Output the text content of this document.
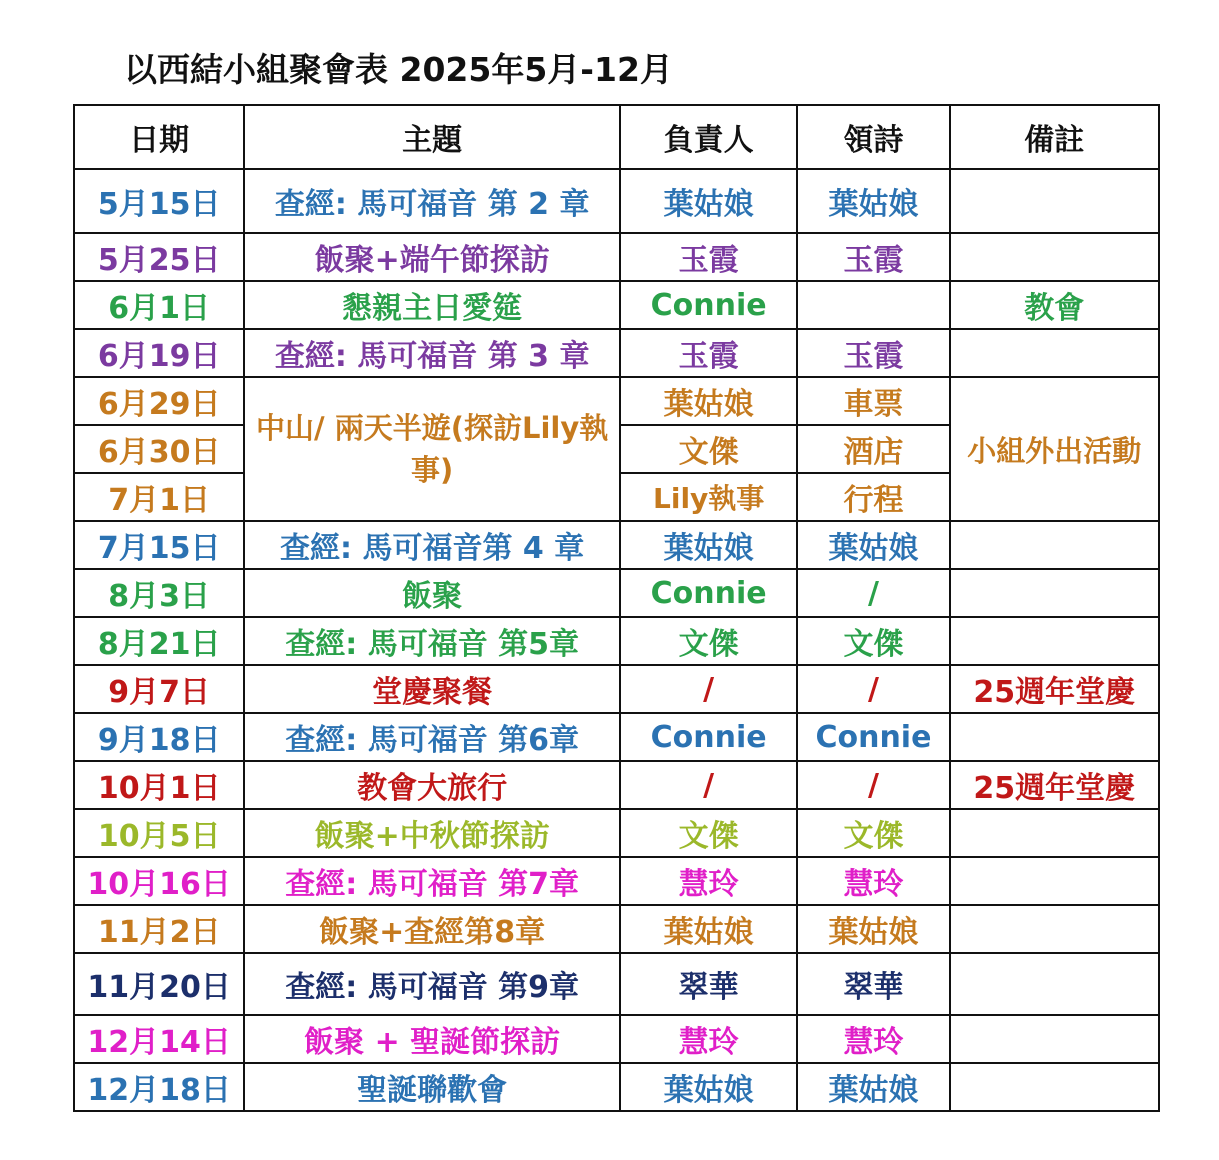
以西結小組聚會表 2025年5月-12月
日期	主題	負責人	領詩	備註
5月15日	查經: 馬可福音 第 2 章	葉姑娘	葉姑娘	
5月25日	飯聚+端午節探訪	玉霞	玉霞	
6月1日	懇親主日愛筵	Connie		教會
6月19日	查經: 馬可福音 第 3 章	玉霞	玉霞	
6月29日	中山/ 兩天半遊(探訪Lily執事)	葉姑娘	車票	小組外出活動
6月30日		文傑	酒店	
7月1日		Lily執事	行程	
7月15日	查經: 馬可福音第 4 章	葉姑娘	葉姑娘	
8月3日	飯聚	Connie	/	
8月21日	查經: 馬可福音 第5章	文傑	文傑	
9月7日	堂慶聚餐	/	/	25週年堂慶
9月18日	查經: 馬可福音 第6章	Connie	Connie	
10月1日	教會大旅行	/	/	25週年堂慶
10月5日	飯聚+中秋節探訪	文傑	文傑	
10月16日	查經: 馬可福音 第7章	慧玲	慧玲	
11月2日	飯聚+查經第8章	葉姑娘	葉姑娘	
11月20日	查經: 馬可福音 第9章	翠華	翠華	
12月14日	飯聚 + 聖誕節探訪	慧玲	慧玲	
12月18日	聖誕聯歡會	葉姑娘	葉姑娘	
